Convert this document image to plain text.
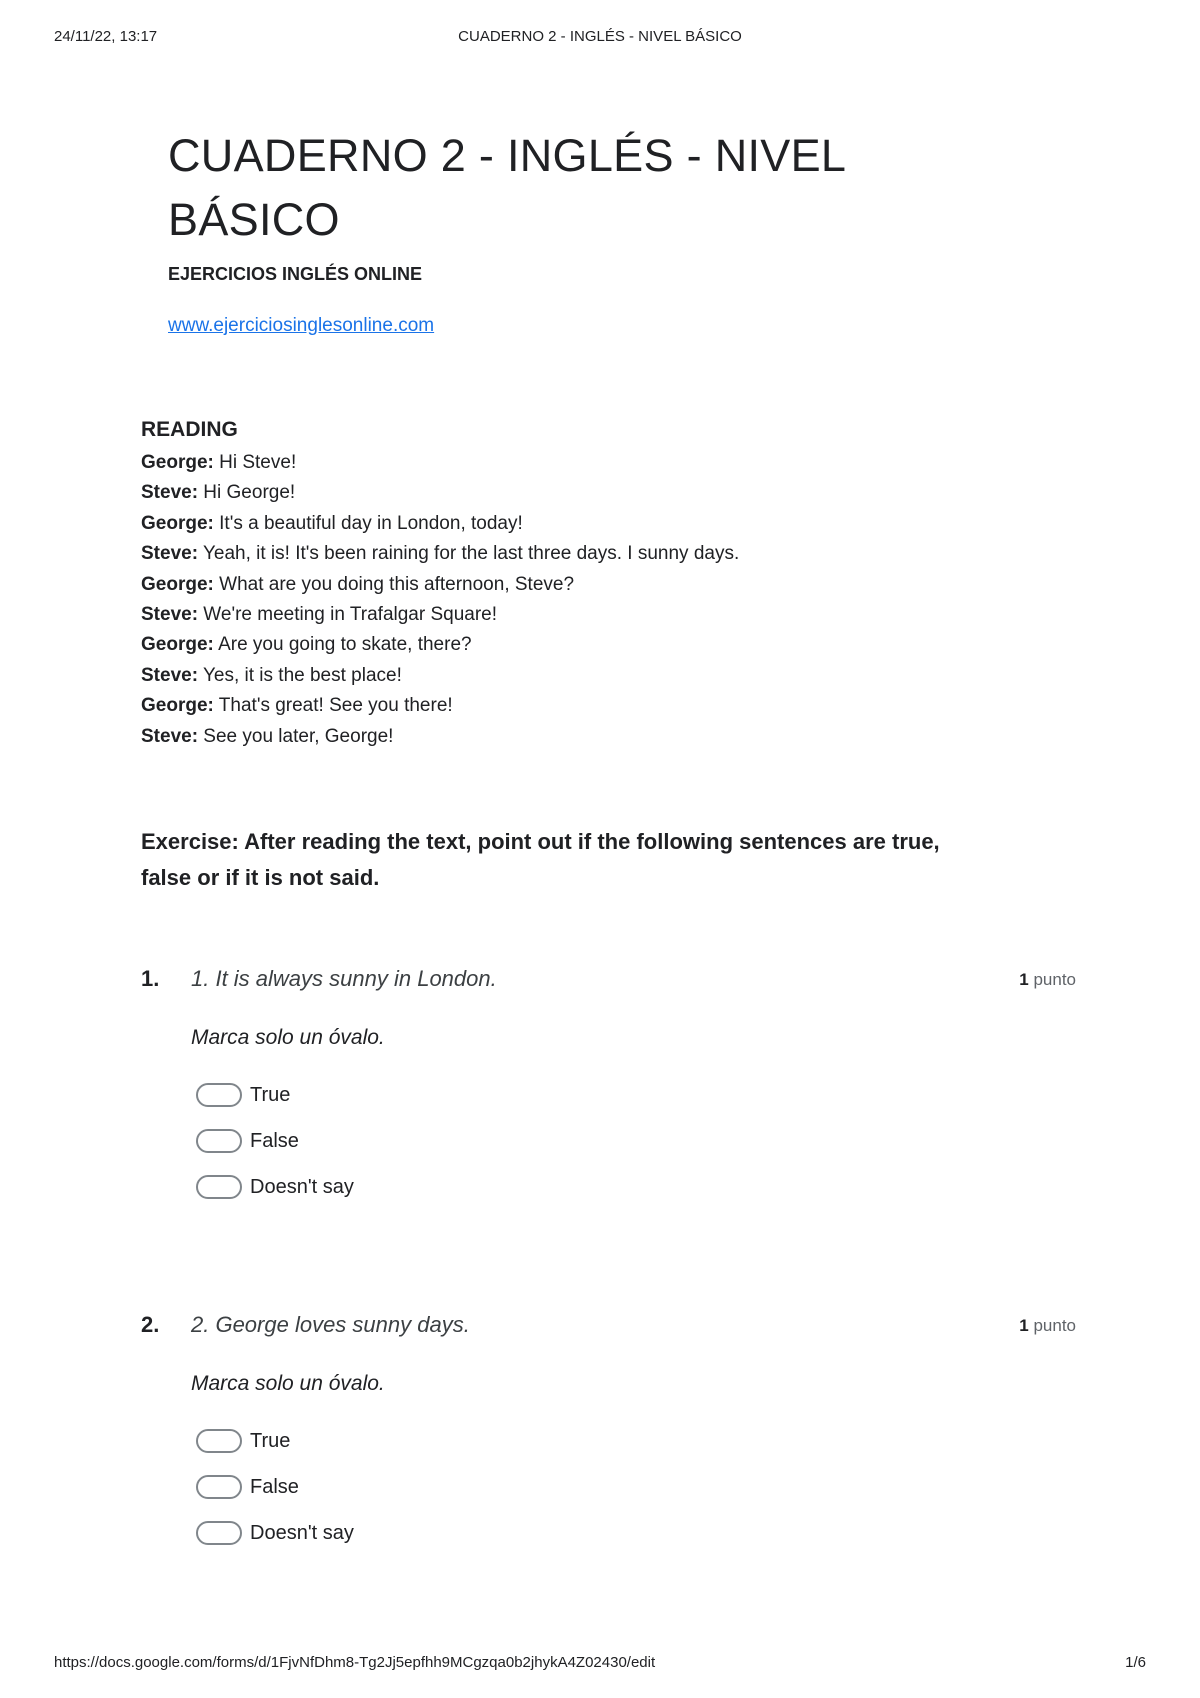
24/11/22, 13:17	CUADERNO 2 - INGLÉS - NIVEL BÁSICO
CUADERNO 2 - INGLÉS - NIVEL
BÁSICO
EJERCICIOS INGLÉS ONLINE
www.ejerciciosinglesonline.com
READING
George: Hi Steve!
Steve: Hi George!
George: It's a beautiful day in London, today!
Steve: Yeah, it is! It's been raining for the last three days. I sunny days.
George: What are you doing this afternoon, Steve?
Steve: We're meeting in Trafalgar Square!
George: Are you going to skate, there?
Steve: Yes, it is the best place!
George: That's great! See you there!
Steve: See you later, George!
Exercise: After reading the text, point out if the following sentences are true,
false or if it is not said.
1. 1. It is always sunny in London.	1 punto
Marca solo un óvalo.
True
False
Doesn't say
2. 2. George loves sunny days.	1 punto
Marca solo un óvalo.
True
False
Doesn't say
https://docs.google.com/forms/d/1FjvNfDhm8-Tg2Jj5epfhh9MCgzqa0b2jhykA4Z02430/edit	1/6
